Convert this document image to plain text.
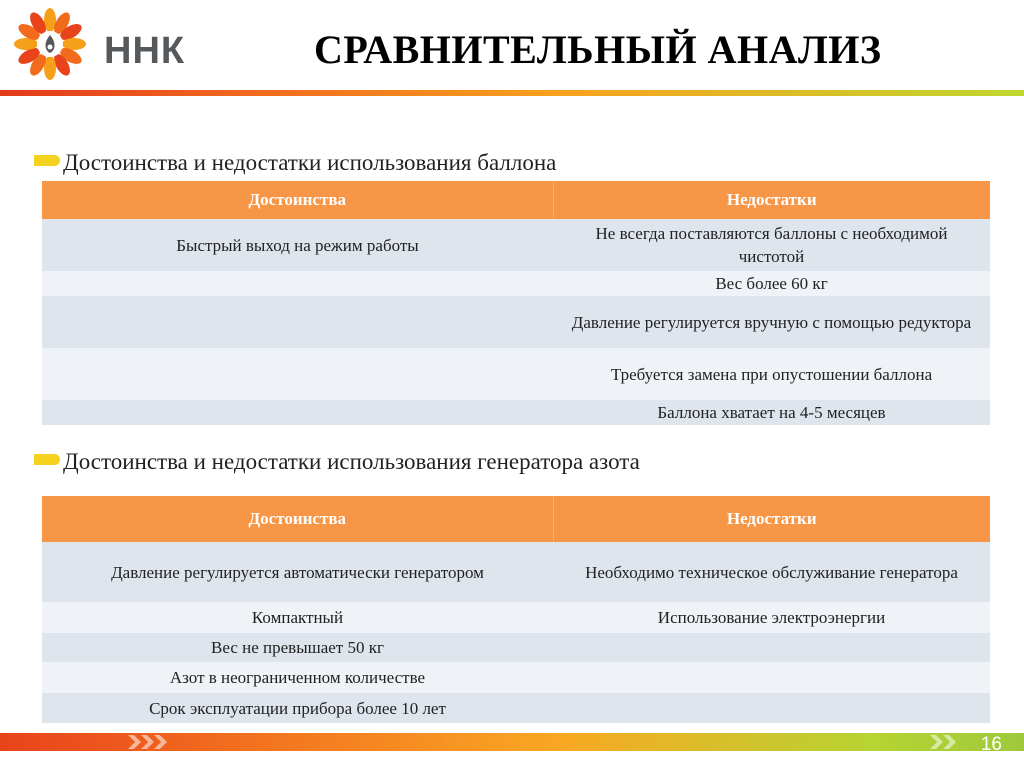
ННК	СРАВНИТЕЛЬНЫЙ АНАЛИЗ
Достоинства и недостатки использования баллона
Достоинства	Недостатки
Быстрый выход на режим работы	Не всегда поставляются баллоны с необходимой чистотой
	Вес более 60 кг
	Давление регулируется вручную с помощью редуктора
	Требуется замена при опустошении баллона
	Баллона хватает на 4-5 месяцев
Достоинства и недостатки использования генератора азота
Достоинства	Недостатки
Давление регулируется автоматически генератором	Необходимо техническое обслуживание генератора
Компактный	Использование электроэнергии
Вес не превышает 50 кг	
Азот в неограниченном количестве	
Срок эксплуатации прибора более 10 лет	
16
